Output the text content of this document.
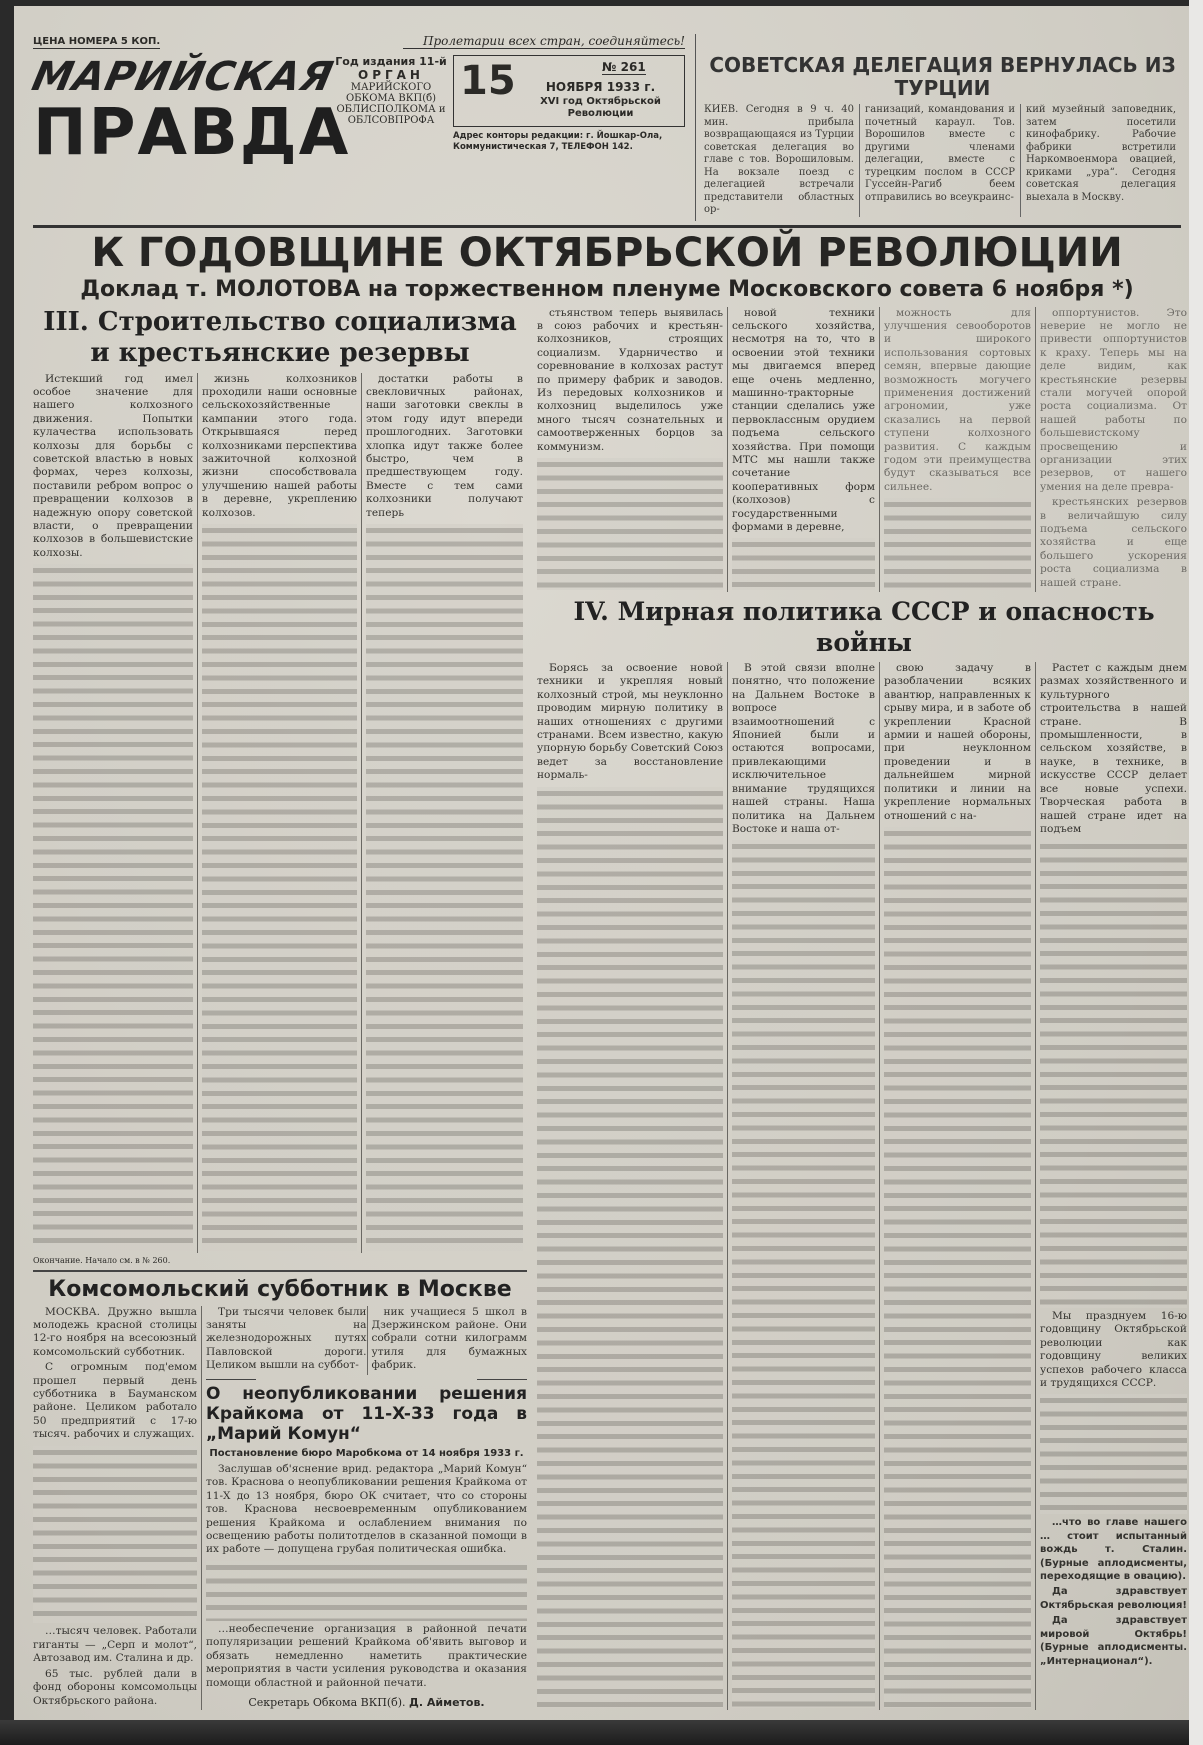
ЦЕНА НОМЕРА 5 КОП.	Пролетарии всех стран, соединяйтесь!
МАРИЙСКАЯ
ПРАВДА
Год издания 11-й
ОРГАН
МАРИЙСКОГО
ОБКОМА ВКП(б)
ОБЛИСПОЛКОМА и
ОБЛСОВПРОФА
15	№ 261
НОЯБРЯ 1933 г.
XVI год Октябрьской Революции
Адрес конторы редакции: г. Йошкар-Ола, Коммунистическая 7, ТЕЛЕФОН 142.
СОВЕТСКАЯ ДЕЛЕГАЦИЯ ВЕРНУЛАСЬ ИЗ ТУРЦИИ
КИЕВ. Сегодня в 9 ч. 40 мин. прибыла возвращающаяся из Турции советская делегация во главе с тов. Ворошиловым. На вокзале поезд с делегацией встречали представители областных ор-
ганизаций, командования и почетный караул. Тов. Ворошилов вместе с другими членами делегации, вместе с турецким послом в СССР Гуссейн-Рагиб беем отправились во всеукраинс-
кий музейный заповедник, затем посетили кинофабрику. Рабочие фабрики встретили Наркомвоенмора овацией, криками „ура“. Сегодня советская делегация выехала в Москву.
К ГОДОВЩИНЕ ОКТЯБРЬСКОЙ РЕВОЛЮЦИИ
Доклад т. МОЛОТОВА на торжественном пленуме Московского совета 6 ноября *)
III. Строительство социализма и крестьянские резервы

Истекший год имел особое значение для нашего колхозного движения. Попытки кулачества использовать колхозы для борьбы с советской властью в новых формах, через колхозы, поставили ребром вопрос о превращении колхозов в надежную опору советской власти, о превращении колхозов в большевистские колхозы.

жизнь колхозников проходили наши основные сельскохозяйственные кампании этого года. Открывшаяся перед колхозниками перспектива зажиточной колхозной жизни способствовала улучшению нашей работы в деревне, укреплению колхозов.

достатки работы в свекловичных районах, наши заготовки свеклы в этом году идут впереди прошлогодних. Заготовки хлопка идут также более быстро, чем в предшествующем году. Вместе с тем сами колхозники получают теперь

Окончание. Начало см. в № 260.
Комсомольский субботник в Москве

МОСКВА. Дружно вышла молодежь красной столицы 12-го ноября на всесоюзный комсомольский субботник.

С огромным под'емом прошел первый день субботника в Бауманском районе. Целиком работало 50 предприятий с 17-ю тысяч. рабочих и служащих.

…тысяч человек. Работали гиганты — „Серп и молот“, Автозавод им. Сталина и др.

65 тыс. рублей дали в фонд обороны комсомольцы Октябрьского района.

Три тысячи человек были заняты на железнодорожных путях Павловской дороги. Целиком вышли на суббот-

ник учащиеся 5 школ в Дзержинском районе. Они собрали сотни килограмм утиля для бумажных фабрик.

О неопубликовании решения Крайкома от 11-X-33 года в „Марий Комун“
Постановление бюро Маробкома от 14 ноября 1933 г.

Заслушав об'яснение врид. редактора „Марий Комун“ тов. Краснова о неопубликовании решения Крайкома от 11-X до 13 ноября, бюро ОК считает, что со стороны тов. Краснова несвоевременным опубликованием решения Крайкома и ослаблением внимания по освещению работы политотделов в сказанной помощи в их работе — допущена грубая политическая ошибка.

…необеспечение организация в районной печати популяризации решений Крайкома об'явить выговор и обязать немедленно наметить практические мероприятия в части усиления руководства и оказания помощи областной и районной печати.

Секретарь Обкома ВКП(б). Д. Айметов.

стьянством теперь выявилась в союз рабочих и крестьян-колхозников, строящих социализм. Ударничество и соревнование в колхозах растут по примеру фабрик и заводов. Из передовых колхозников и колхозниц выделилось уже много тысяч сознательных и самоотверженных борцов за коммунизм.

новой техники сельского хозяйства, несмотря на то, что в освоении этой техники мы двигаемся вперед еще очень медленно, машинно-тракторные станции сделались уже первоклассным орудием подъема сельского хозяйства. При помощи МТС мы нашли также сочетание кооперативных форм (колхозов) с государственными формами в деревне,

можность для улучшения севооборотов и широкого использования сортовых семян, впервые дающие возможность могучего применения достижений агрономии, уже сказались на первой ступени колхозного развития. С каждым годом эти преимущества будут сказываться все сильнее.

оппортунистов. Это неверие не могло не привести оппортунистов к краху. Теперь мы на деле видим, как крестьянские резервы стали могучей опорой роста социализма. От нашей работы по большевистскому просвещению и организации этих резервов, от нашего умения на деле превра-

крестьянских резервов в величайшую силу подъема сельского хозяйства и еще большего ускорения роста социализма в нашей стране.

IV. Мирная политика СССР и опасность войны

Борясь за освоение новой техники и укрепляя новый колхозный строй, мы неуклонно проводим мирную политику в наших отношениях с другими странами. Всем известно, какую упорную борьбу Советский Союз ведет за восстановление нормаль-

В этой связи вполне понятно, что положение на Дальнем Востоке в вопросе взаимоотношений с Японией были и остаются вопросами, привлекающими исключительное внимание трудящихся нашей страны. Наша политика на Дальнем Востоке и наша от-

свою задачу в разоблачении всяких авантюр, направленных к срыву мира, и в заботе об укреплении Красной армии и нашей обороны, при неуклонном проведении и в дальнейшем мирной политики и линии на укрепление нормальных отношений с на-

Растет с каждым днем размах хозяйственного и культурного строительства в нашей стране. В промышленности, в сельском хозяйстве, в науке, в технике, в искусстве СССР делает все новые успехи. Творческая работа в нашей стране идет на подъем

Мы празднуем 16-ю годовщину Октябрьской революции как годовщину великих успехов рабочего класса и трудящихся СССР.

…что во главе нашего … стоит испытанный вождь т. Сталин. (Бурные аплодисменты, переходящие в овацию).

Да здравствует Октябрьская революция!

Да здравствует мировой Октябрь! (Бурные аплодисменты. „Интернационал“).
